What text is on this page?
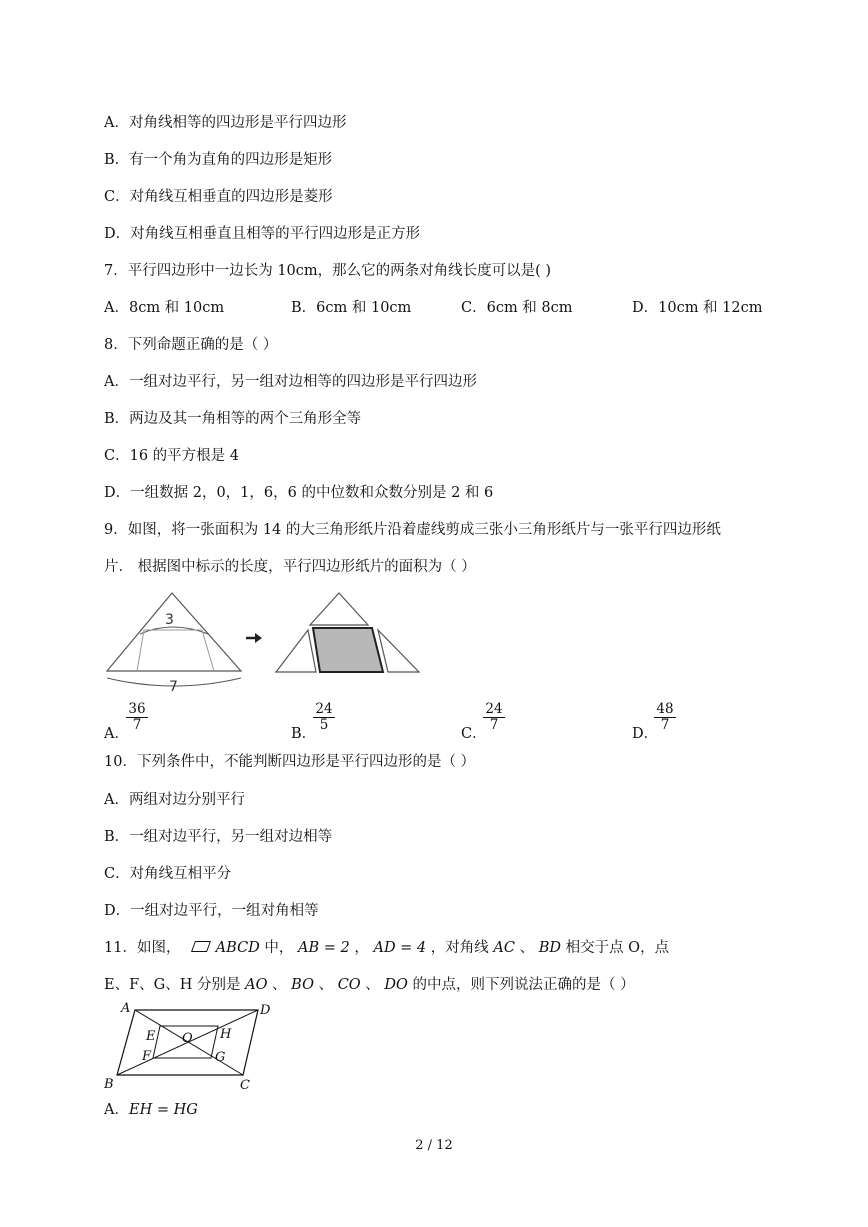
A．对角线相等的四边形是平行四边形
B．有一个角为直角的四边形是矩形
C．对角线互相垂直的四边形是菱形
D．对角线互相垂直且相等的平行四边形是正方形
7．平行四边形中一边长为 10cm，那么它的两条对角线长度可以是( )
A．8cm 和 10cm	B．6cm 和 10cm	C．6cm 和 8cm	D．10cm 和 12cm
8．下列命题正确的是（ ）
A．一组对边平行，另一组对边相等的四边形是平行四边形
B．两边及其一角相等的两个三角形全等
C．16 的平方根是 4
D．一组数据 2，0，1，6，6 的中位数和众数分别是 2 和 6
9．如图，将一张面积为 14 的大三角形纸片沿着虚线剪成三张小三角形纸片与一张平行四边形纸
片． 根据图中标示的长度，平行四边形纸片的面积为（ ）
3
7
A．
$\frac{36}{7}$
B．
$\frac{24}{5}$
C．
$\frac{24}{7}$
D．
$\frac{48}{7}$
10．下列条件中，不能判断四边形是平行四边形的是（ ）
A．两组对边分别平行
B．一组对边平行，另一组对边相等
C．对角线互相平分
D．一组对边平行，一组对角相等
11．如图， ABCD 中， AB = 2 ， AD = 4 ，对角线 AC 、 BD 相交于点 O，点
E、F、G、H 分别是 AO 、 BO 、 CO 、 DO 的中点，则下列说法正确的是（ ）
A	D
B	C
E
F
O H
G
A．EH = HG
2 / 12
